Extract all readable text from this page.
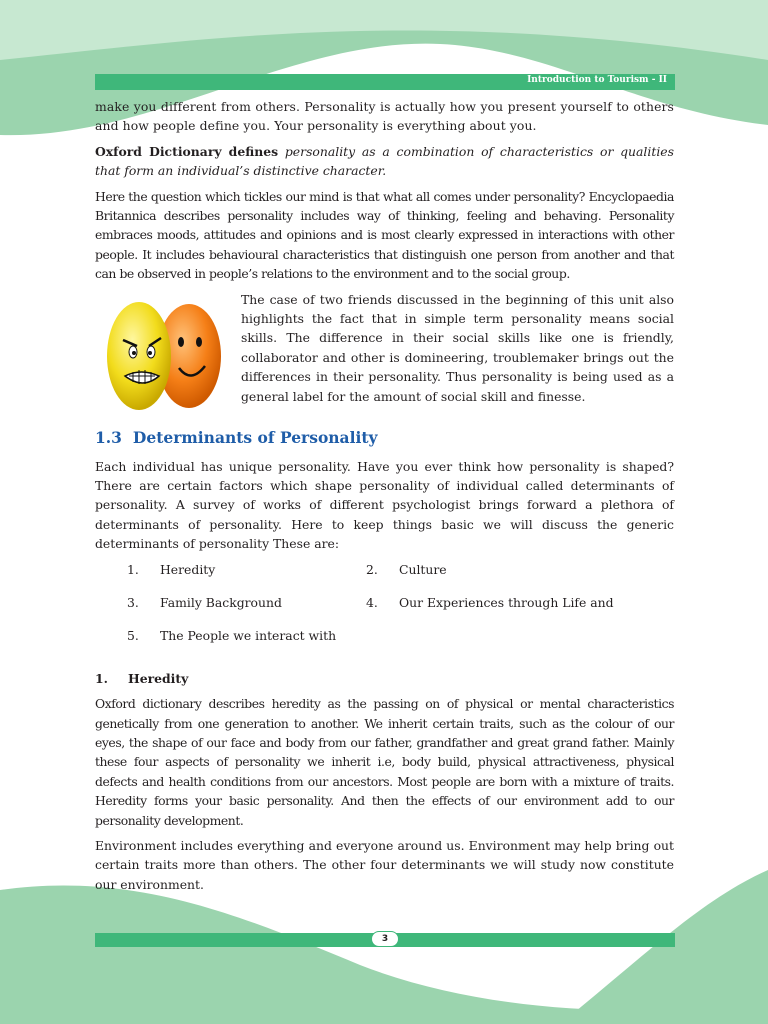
Introduction to Tourism - II

make you different from others. Personality is actually how you present yourself to others and how people define you. Your personality is everything about you.

Oxford Dictionary defines personality as a combination of characteristics or qualities that form an individual’s distinctive character.

Here the question which tickles our mind is that what all comes under personality? Encyclopaedia Britannica describes personality includes way of thinking, feeling and behaving. Personality embraces moods, attitudes and opinions and is most clearly expressed in interactions with other people. It includes behavioural characteristics that distinguish one person from another and that can be observed in people’s relations to the environment and to the social group.

The case of two friends discussed in the beginning of this unit also highlights the fact that in simple term personality means social skills. The difference in their social skills like one is friendly, collaborator and other is domineering, troublemaker brings out the differences in their personality. Thus personality is being used as a general label for the amount of social skill and finesse.
1.3 Determinants of Personality

Each individual has unique personality. Have you ever think how personality is shaped? There are certain factors which shape personality of individual called determinants of personality. A survey of works of different psychologist brings forward a plethora of determinants of personality. Here to keep things basic we will discuss the generic determinants of personality These are:

1. Heredity	2. Culture
3. Family Background	4. Our Experiences through Life and
5. The People we interact with
1. Heredity

Oxford dictionary describes heredity as the passing on of physical or mental characteristics genetically from one generation to another. We inherit certain traits, such as the colour of our eyes, the shape of our face and body from our father, grandfather and great grand father. Mainly these four aspects of personality we inherit i.e, body build, physical attractiveness, physical defects and health conditions from our ancestors. Most people are born with a mixture of traits. Heredity forms your basic personality. And then the effects of our environment add to our personality development.

Environment includes everything and everyone around us. Environment may help bring out certain traits more than others. The other four determinants we will study now constitute our environment.

3
